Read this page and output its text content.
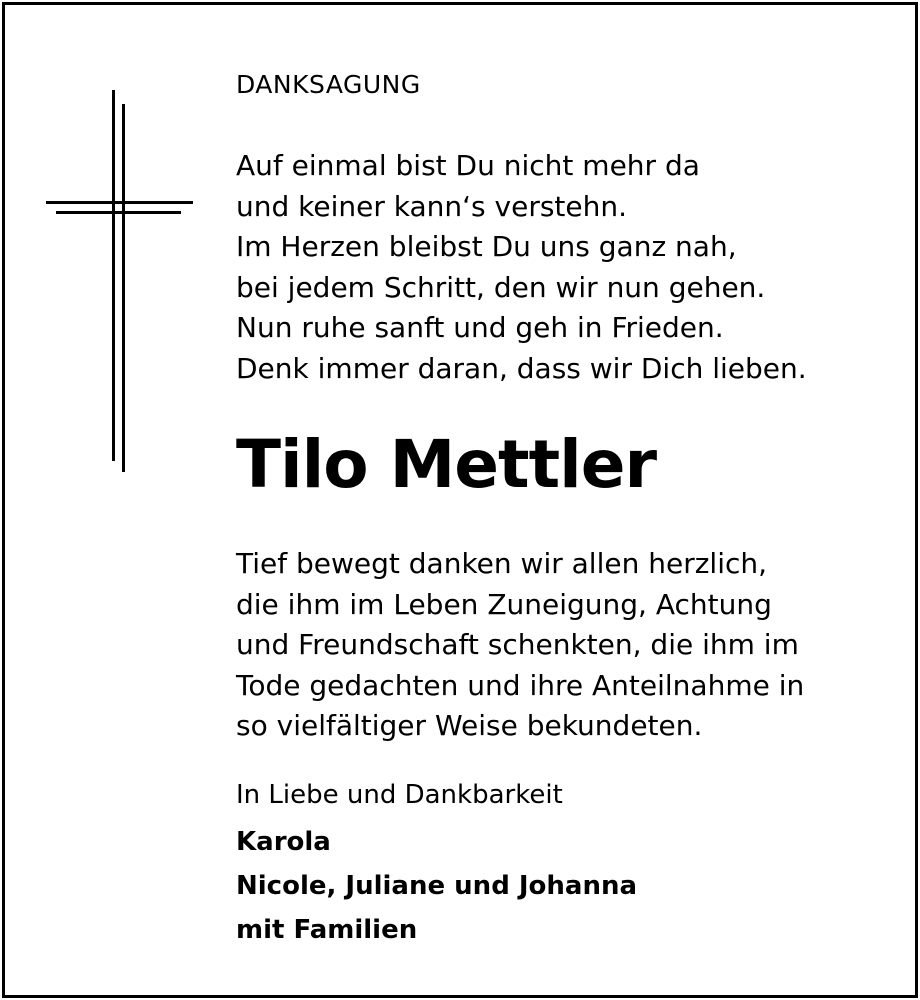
DANKSAGUNG
Auf einmal bist Du nicht mehr da
und keiner kann‘s verstehn.
Im Herzen bleibst Du uns ganz nah,
bei jedem Schritt, den wir nun gehen.
Nun ruhe sanft und geh in Frieden.
Denk immer daran, dass wir Dich lieben.
Tilo Mettler
Tief bewegt danken wir allen herzlich,
die ihm im Leben Zuneigung, Achtung
und Freundschaft schenkten, die ihm im
Tode gedachten und ihre Anteilnahme in
so vielfältiger Weise bekundeten.
In Liebe und Dankbarkeit
Karola
Nicole, Juliane und Johanna
mit Familien
